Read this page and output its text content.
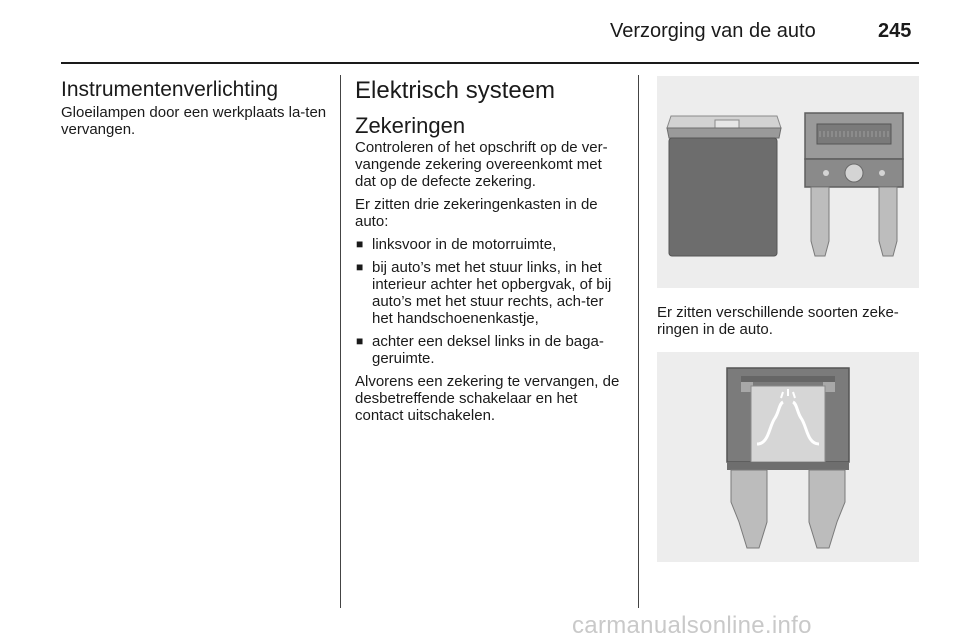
Verzorging van de auto	245
Instrumentenverlichting

Gloeilampen door een werkplaats la-ten vervangen.

Elektrisch systeem
Zekeringen

Controleren of het opschrift op de ver-vangende zekering overeenkomt met dat op de defecte zekering.

Er zitten drie zekeringenkasten in de auto:

■ linksvoor in de motorruimte,
■ bij auto’s met het stuur links, in het interieur achter het opbergvak, of bij auto’s met het stuur rechts, ach-ter het handschoenenkastje,
■ achter een deksel links in de baga-geruimte.

Alvorens een zekering te vervangen, de desbetreffende schakelaar en het contact uitschakelen.

Er zitten verschillende soorten zeke-ringen in de auto.

carmanualsonline.info
